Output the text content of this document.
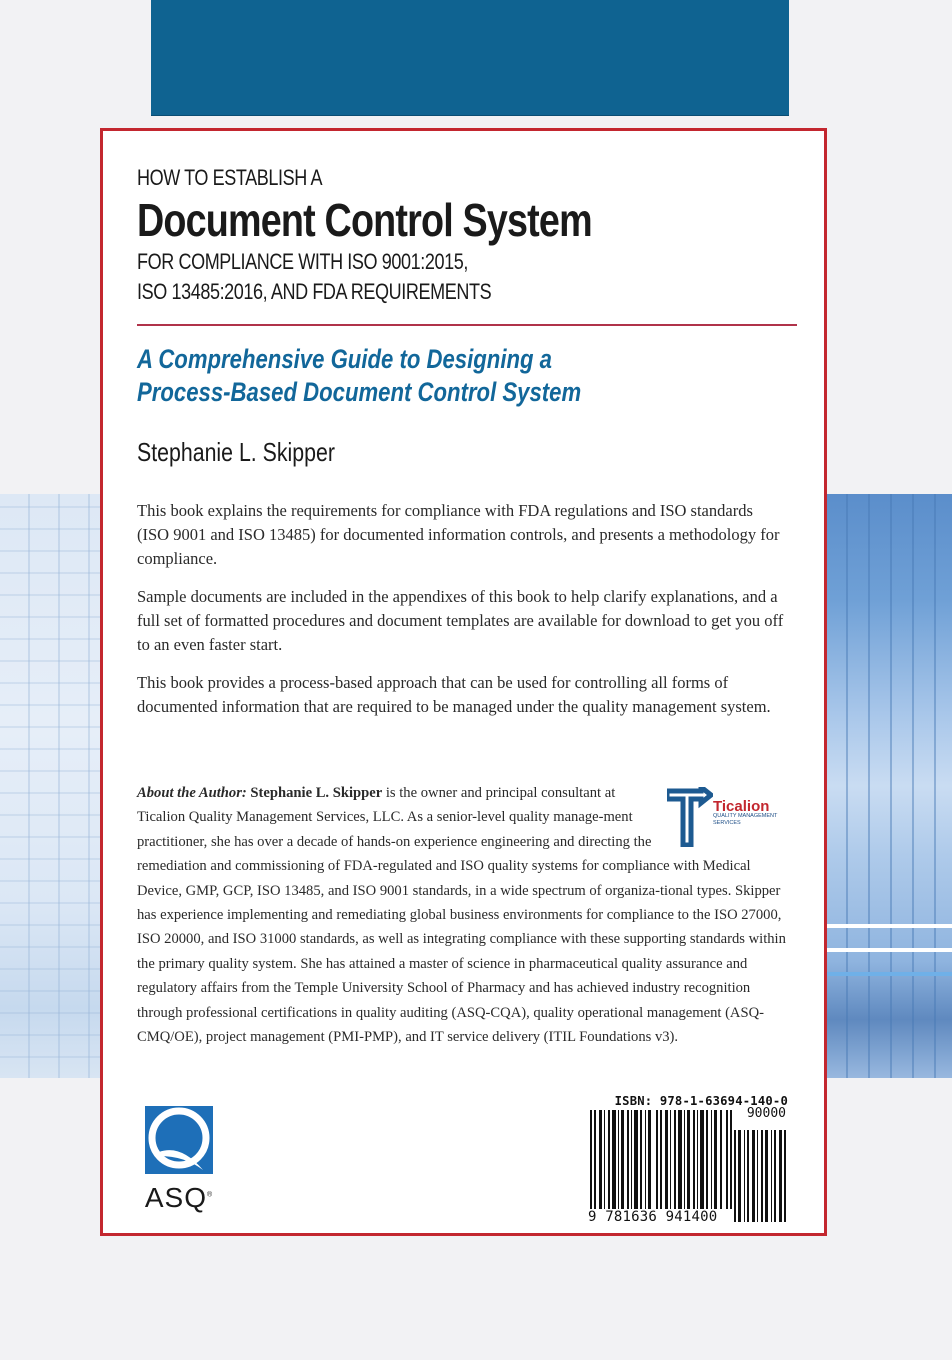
HOW TO ESTABLISH A
Document Control System
FOR COMPLIANCE WITH ISO 9001:2015,
ISO 13485:2016, AND FDA REQUIREMENTS
A Comprehensive Guide to Designing a
Process-Based Document Control System
Stephanie L. Skipper

This book explains the requirements for compliance with FDA regulations and ISO standards (ISO 9001 and ISO 13485) for documented information controls, and presents a methodology for compliance.

Sample documents are included in the appendixes of this book to help clarify explanations, and a full set of formatted procedures and document templates are available for download to get you off to an even faster start.

This book provides a process-based approach that can be used for controlling all forms of documented information that are required to be managed under the quality management system.

Ticalion
QUALITY MANAGEMENT SERVICES
About the Author: Stephanie L. Skipper is the owner and principal consultant at Ticalion Quality Management Services, LLC. As a senior-level quality manage-ment practitioner, she has over a decade of hands-on experience engineering and directing the remediation and commissioning of FDA-regulated and ISO quality systems for compliance with Medical Device, GMP, GCP, ISO 13485, and ISO 9001 standards, in a wide spectrum of organiza-tional types. Skipper has experience implementing and remediating global business environments for compliance to the ISO 27000, ISO 20000, and ISO 31000 standards, as well as integrating compliance with these supporting standards within the primary quality system. She has attained a master of science in pharmaceutical quality assurance and regulatory affairs from the Temple University School of Pharmacy and has achieved industry recognition through professional certifications in quality auditing (ASQ-CQA), quality operational management (ASQ-CMQ/OE), project management (PMI-PMP), and IT service delivery (ITIL Foundations v3).
ASQ®
ISBN: 978-1-63694-140-0
90000
9 781636 941400
